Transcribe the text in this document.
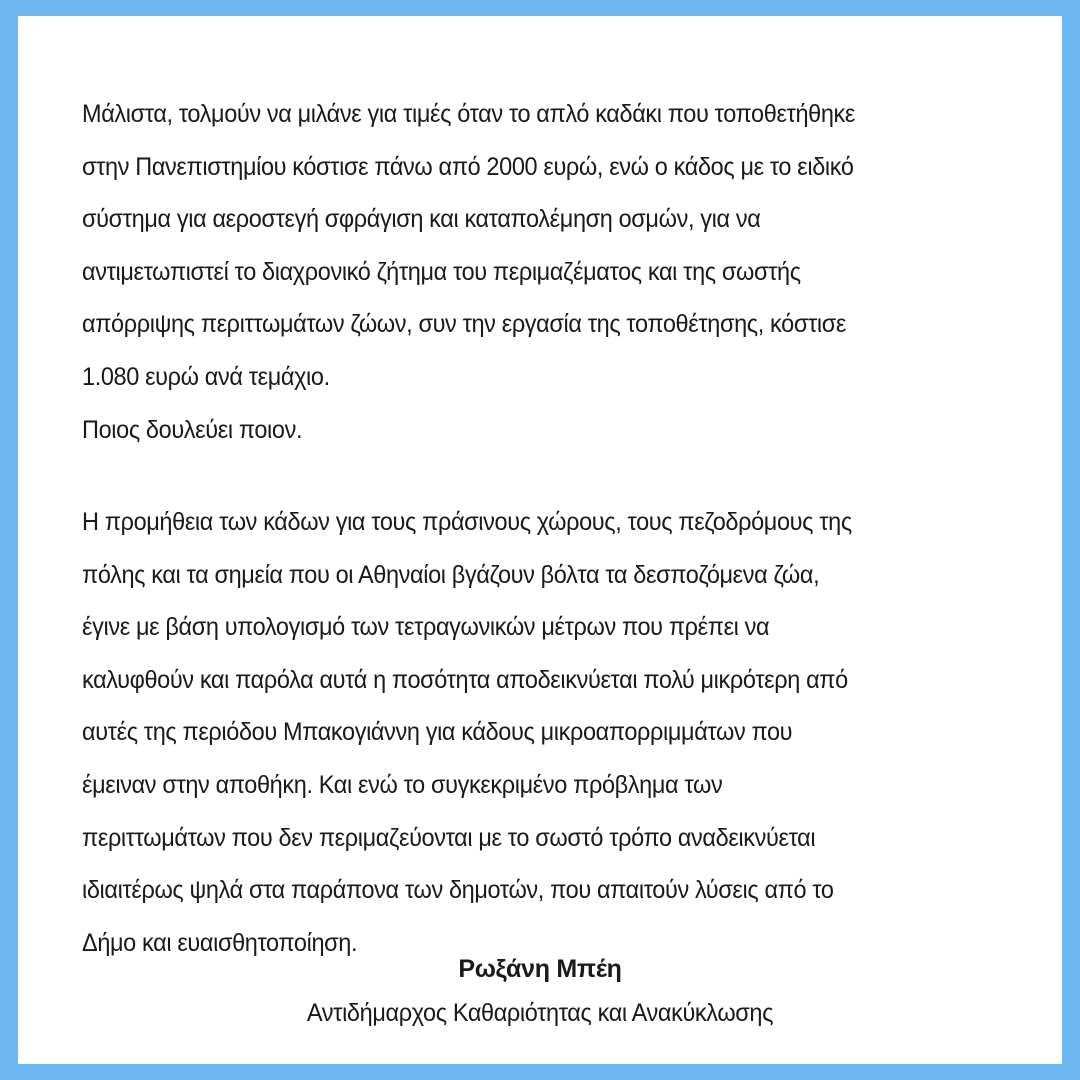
Μάλιστα, τολμούν να μιλάνε για τιμές όταν το απλό καδάκι που τοποθετήθηκε
στην Πανεπιστημίου κόστισε πάνω από 2000 ευρώ, ενώ ο κάδος με το ειδικό
σύστημα για αεροστεγή σφράγιση και καταπολέμηση οσμών, για να
αντιμετωπιστεί το διαχρονικό ζήτημα του περιμαζέματος και της σωστής
απόρριψης περιττωμάτων ζώων, συν την εργασία της τοποθέτησης, κόστισε
1.080 ευρώ ανά τεμάχιο.
Ποιος δουλεύει ποιον.

Η προμήθεια των κάδων για τους πράσινους χώρους, τους πεζοδρόμους της
πόλης και τα σημεία που οι Αθηναίοι βγάζουν βόλτα τα δεσποζόμενα ζώα,
έγινε με βάση υπολογισμό των τετραγωνικών μέτρων που πρέπει να
καλυφθούν και παρόλα αυτά η ποσότητα αποδεικνύεται πολύ μικρότερη από
αυτές της περιόδου Μπακογιάννη για κάδους μικροαπορριμμάτων που
έμειναν στην αποθήκη. Και ενώ το συγκεκριμένο πρόβλημα των
περιττωμάτων που δεν περιμαζεύονται με το σωστό τρόπο αναδεικνύεται
ιδιαιτέρως ψηλά στα παράπονα των δημοτών, που απαιτούν λύσεις από το
Δήμο και ευαισθητοποίηση.

Ρωξάνη Μπέη
Αντιδήμαρχος Καθαριότητας και Ανακύκλωσης
